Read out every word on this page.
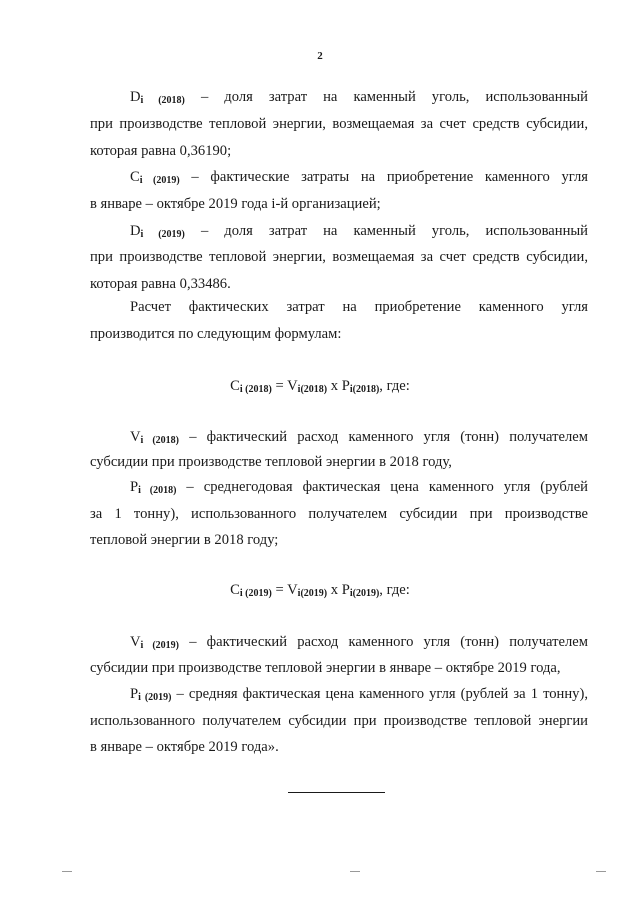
2
$D_{i (2018)}$ – доля затрат на каменный уголь, использованный
при производстве тепловой энергии, возмещаемая за счет средств субсидии,
которая равна 0,36190;
$C_{i (2019)}$ – фактические затраты на приобретение каменного угля
в январе – октябре 2019 года i-й организацией;
$D_{i (2019)}$ – доля затрат на каменный уголь, использованный
при производстве тепловой энергии, возмещаемая за счет средств субсидии,
которая равна 0,33486.
Расчет фактических затрат на приобретение каменного угля
производится по следующим формулам:
$C_{i (2018)} = V_{i(2018)}$ x $P_{i(2018)}$, где:
$V_{i (2018)}$ – фактический расход каменного угля (тонн) получателем
субсидии при производстве тепловой энергии в 2018 году,
$P_{i (2018)}$ – среднегодовая фактическая цена каменного угля (рублей
за 1 тонну), использованного получателем субсидии при производстве
тепловой энергии в 2018 году;
$C_{i (2019)} = V_{i(2019)}$ x $P_{i(2019)}$, где:
$V_{i (2019)}$ – фактический расход каменного угля (тонн) получателем
субсидии при производстве тепловой энергии в январе – октябре 2019 года,
$P_{i (2019)}$ – средняя фактическая цена каменного угля (рублей за 1 тонну),
использованного получателем субсидии при производстве тепловой энергии
в январе – октябре 2019 года».
